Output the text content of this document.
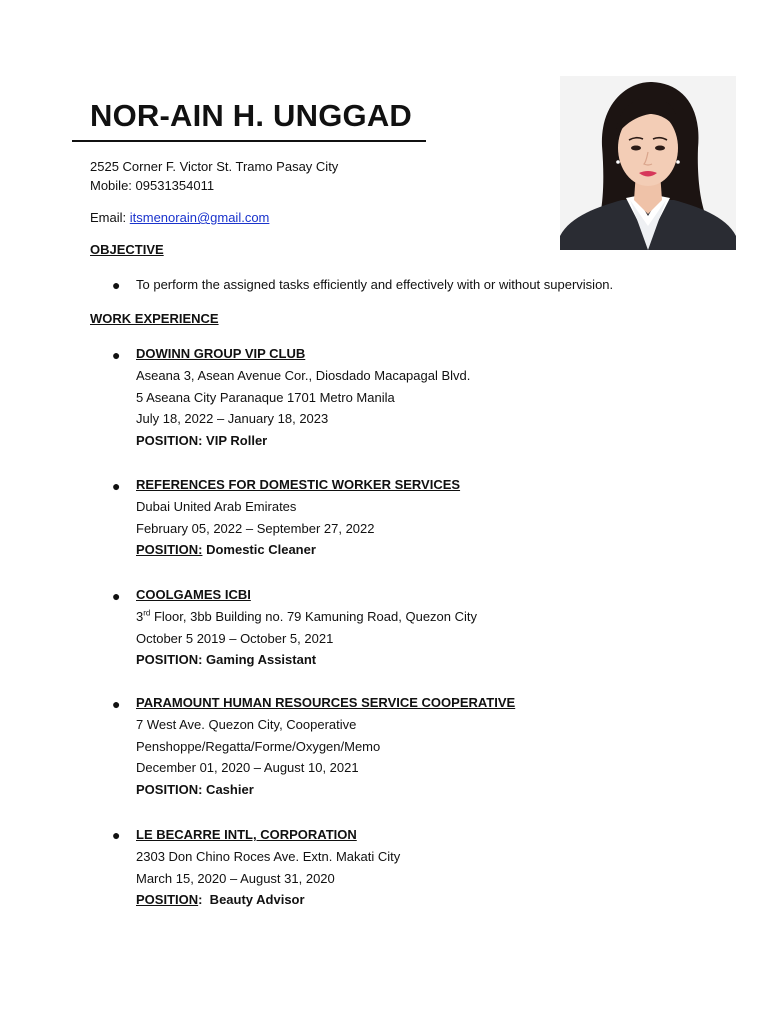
NOR-AIN H. UNGGAD
2525 Corner F. Victor St. Tramo Pasay City
Mobile: 09531354011
Email: itsmenorain@gmail.com
OBJECTIVE
● To perform the assigned tasks efficiently and effectively with or without supervision.
WORK EXPERIENCE
● DOWINN GROUP VIP CLUB
Aseana 3, Asean Avenue Cor., Diosdado Macapagal Blvd.
5 Aseana City Paranaque 1701 Metro Manila
July 18, 2022 – January 18, 2023
POSITION: VIP Roller
● REFERENCES FOR DOMESTIC WORKER SERVICES
Dubai United Arab Emirates
February 05, 2022 – September 27, 2022
POSITION: Domestic Cleaner
● COOLGAMES ICBI
3rd Floor, 3bb Building no. 79 Kamuning Road, Quezon City
October 5 2019 – October 5, 2021
POSITION: Gaming Assistant
● PARAMOUNT HUMAN RESOURCES SERVICE COOPERATIVE
7 West Ave. Quezon City, Cooperative
Penshoppe/Regatta/Forme/Oxygen/Memo
December 01, 2020 – August 10, 2021
POSITION: Cashier
● LE BECARRE INTL, CORPORATION
2303 Don Chino Roces Ave. Extn. Makati City
March 15, 2020 – August 31, 2020
POSITION:  Beauty Advisor
